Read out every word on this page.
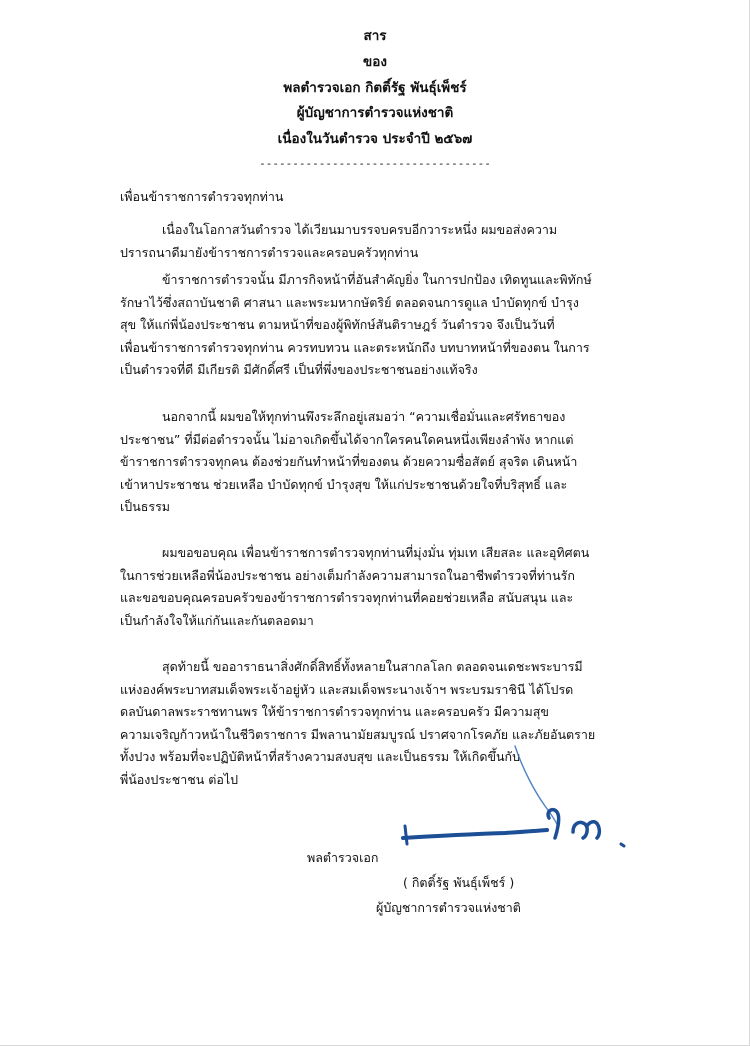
สาร
ของ
พลตำรวจเอก กิตติ์รัฐ พันธุ์เพ็ชร์
ผู้บัญชาการตำรวจแห่งชาติ
เนื่องในวันตำรวจ ประจำปี ๒๕๖๗
-----------------------------------
เพื่อนข้าราชการตำรวจทุกท่าน
เนื่องในโอกาสวันตำรวจ ได้เวียนมาบรรจบครบอีกวาระหนึ่ง ผมขอส่งความ
ปรารถนาดีมายังข้าราชการตำรวจและครอบครัวทุกท่าน
ข้าราชการตำรวจนั้น มีภารกิจหน้าที่อันสำคัญยิ่ง ในการปกป้อง เทิดทูนและพิทักษ์
รักษาไว้ซึ่งสถาบันชาติ ศาสนา และพระมหากษัตริย์ ตลอดจนการดูแล บำบัดทุกข์ บำรุง
สุข ให้แก่พี่น้องประชาชน ตามหน้าที่ของผู้พิทักษ์สันติราษฎร์ วันตำรวจ จึงเป็นวันที่
เพื่อนข้าราชการตำรวจทุกท่าน ควรทบทวน และตระหนักถึง บทบาทหน้าที่ของตน ในการ
เป็นตำรวจที่ดี มีเกียรติ มีศักดิ์ศรี เป็นที่พึ่งของประชาชนอย่างแท้จริง
นอกจากนี้ ผมขอให้ทุกท่านพึงระลึกอยู่เสมอว่า “ความเชื่อมั่นและศรัทธาของ
ประชาชน” ที่มีต่อตำรวจนั้น ไม่อาจเกิดขึ้นได้จากใครคนใดคนหนึ่งเพียงลำพัง หากแต่
ข้าราชการตำรวจทุกคน ต้องช่วยกันทำหน้าที่ของตน ด้วยความซื่อสัตย์ สุจริต เดินหน้า
เข้าหาประชาชน ช่วยเหลือ บำบัดทุกข์ บำรุงสุข ให้แก่ประชาชนด้วยใจที่บริสุทธิ์ และ
เป็นธรรม
ผมขอขอบคุณ เพื่อนข้าราชการตำรวจทุกท่านที่มุ่งมั่น ทุ่มเท เสียสละ และอุทิศตน
ในการช่วยเหลือพี่น้องประชาชน อย่างเต็มกำลังความสามารถในอาชีพตำรวจที่ท่านรัก
และขอขอบคุณครอบครัวของข้าราชการตำรวจทุกท่านที่คอยช่วยเหลือ สนับสนุน และ
เป็นกำลังใจให้แก่กันและกันตลอดมา
สุดท้ายนี้ ขออาราธนาสิ่งศักดิ์สิทธิ์ทั้งหลายในสากลโลก ตลอดจนเดชะพระบารมี
แห่งองค์พระบาทสมเด็จพระเจ้าอยู่หัว และสมเด็จพระนางเจ้าฯ พระบรมราชินี ได้โปรด
ดลบันดาลพระราชทานพร ให้ข้าราชการตำรวจทุกท่าน และครอบครัว มีความสุข
ความเจริญก้าวหน้าในชีวิตราชการ มีพลานามัยสมบูรณ์ ปราศจากโรคภัย และภัยอันตราย
ทั้งปวง พร้อมที่จะปฏิบัติหน้าที่สร้างความสงบสุข และเป็นธรรม ให้เกิดขึ้นกับ
พี่น้องประชาชน ต่อไป
พลตำรวจเอก
( กิตติ์รัฐ พันธุ์เพ็ชร์ )
ผู้บัญชาการตำรวจแห่งชาติ
